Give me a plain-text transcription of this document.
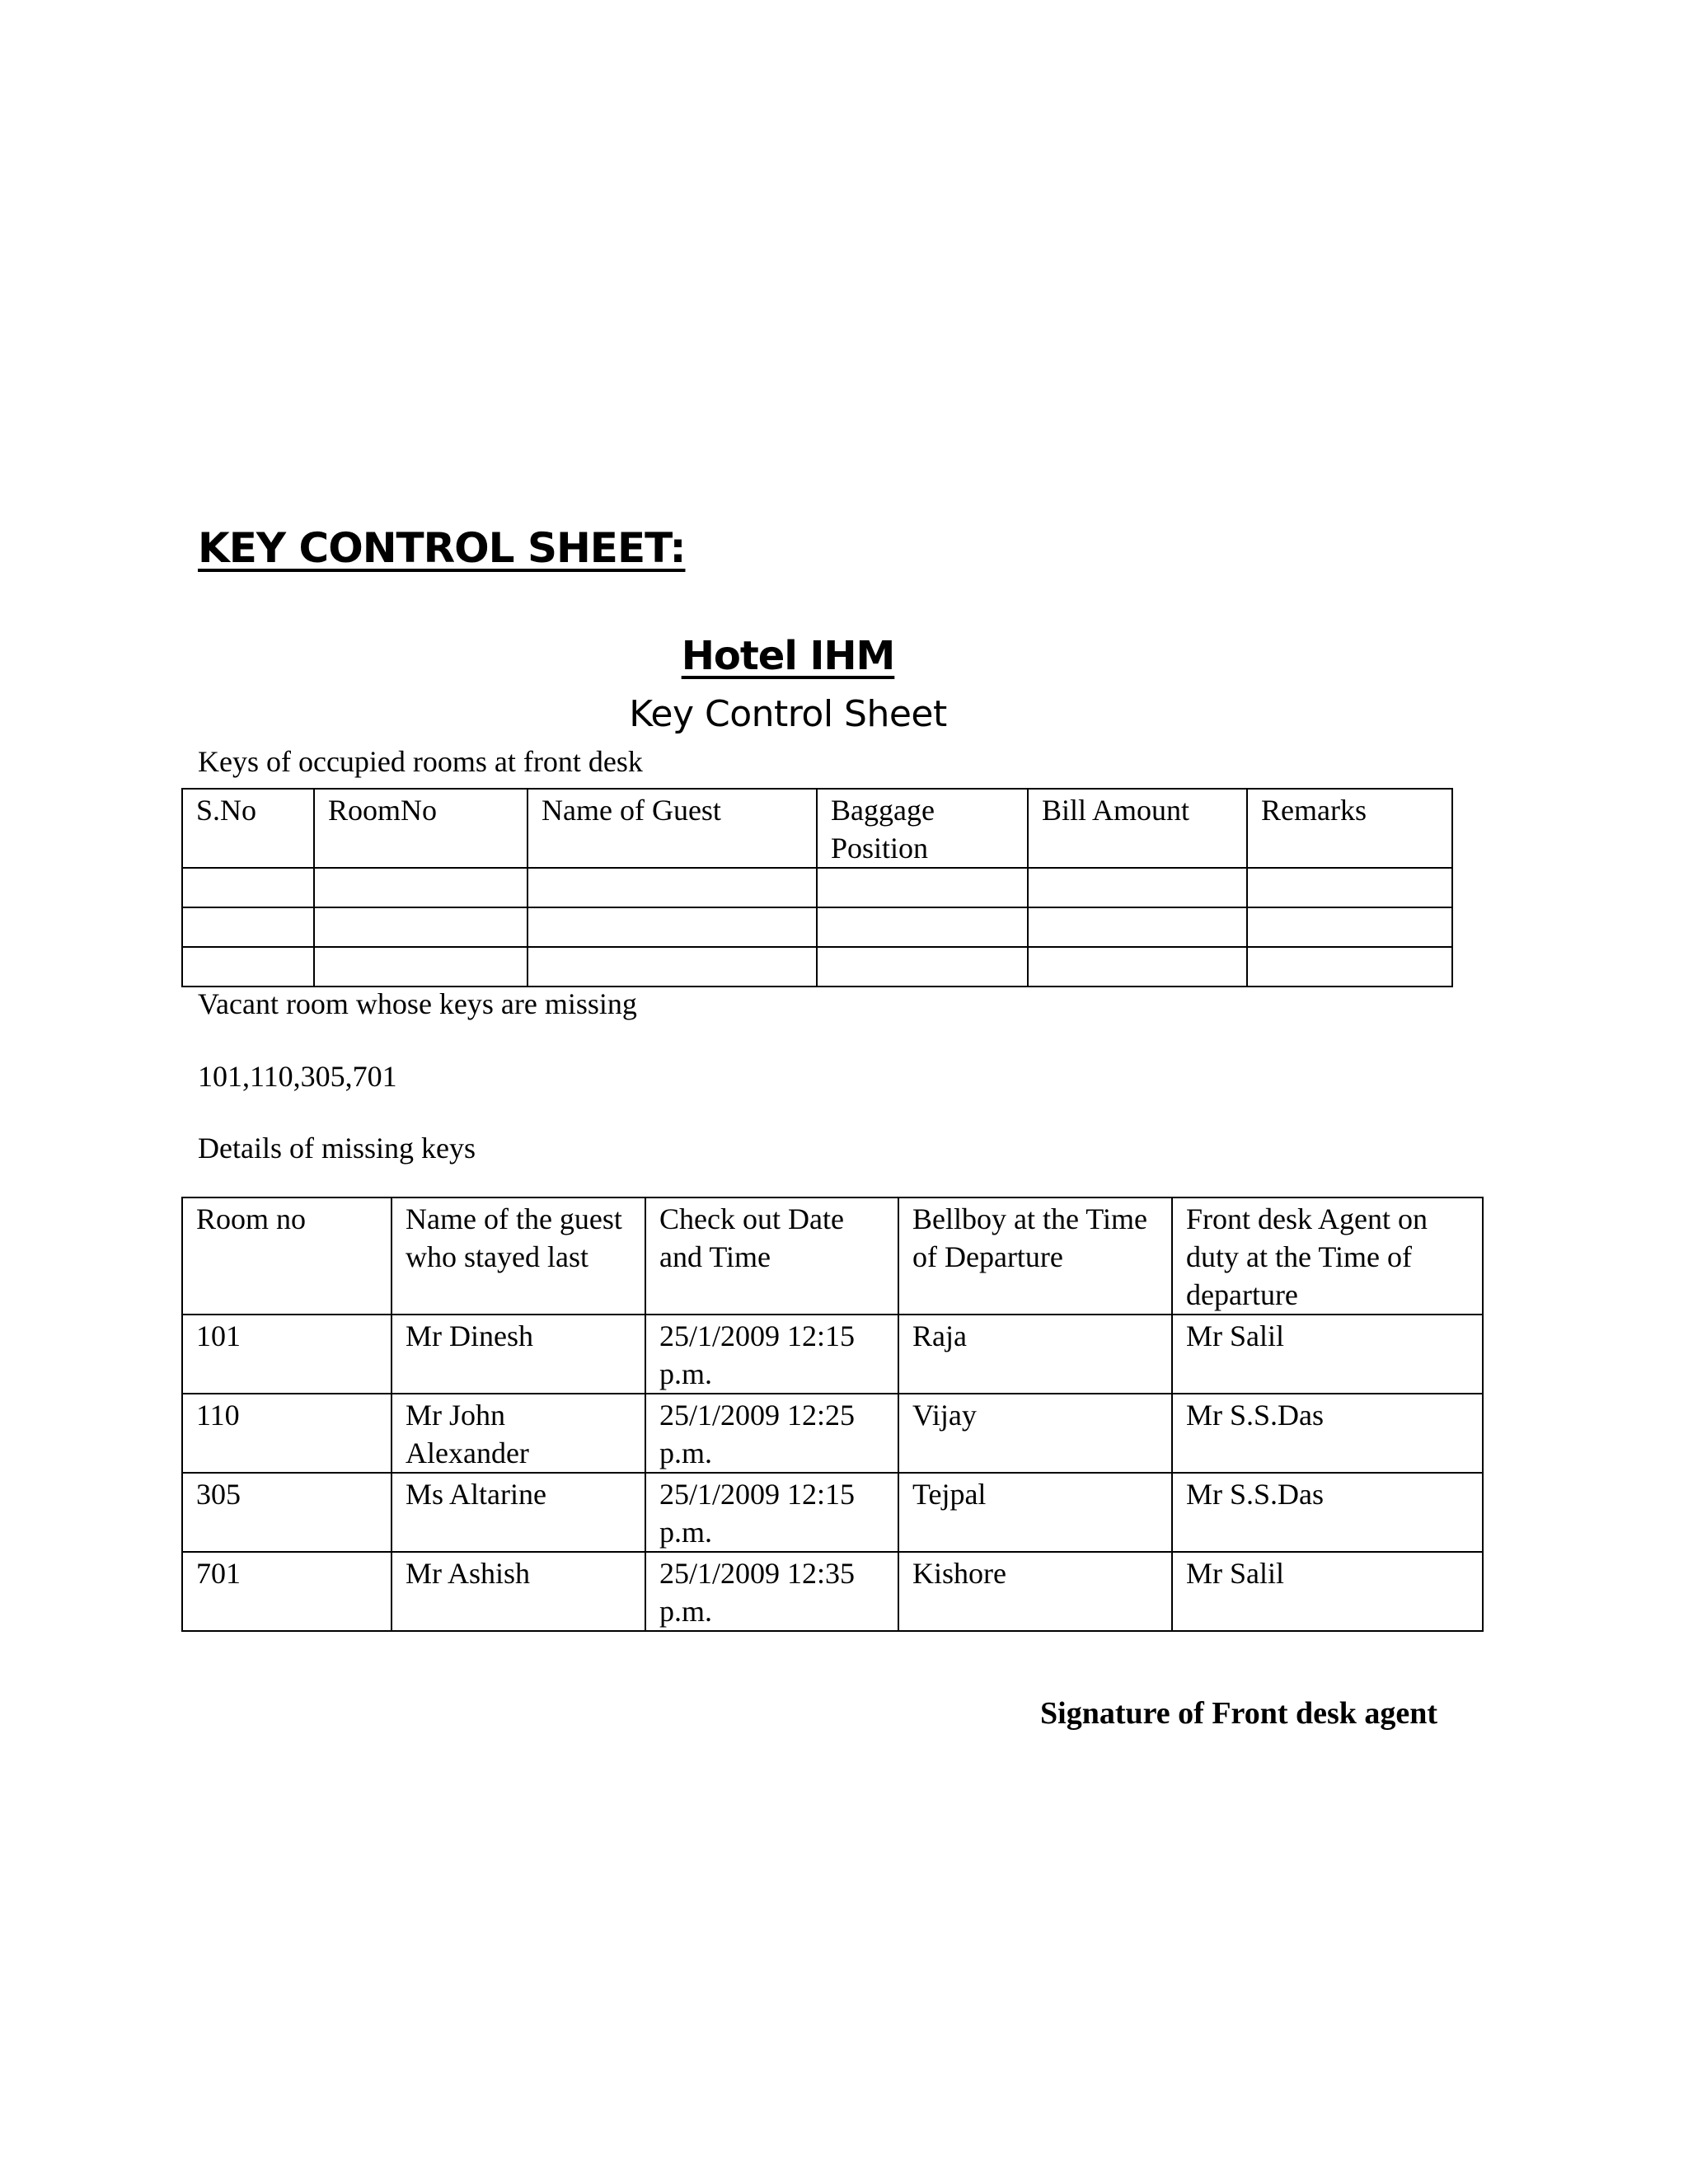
KEY CONTROL SHEET:
Hotel IHM
Key Control Sheet

Keys of occupied rooms at front desk

S.No	RoomNo	Name of Guest	Baggage Position	Bill Amount	Remarks

Vacant room whose keys are missing

101,110,305,701

Details of missing keys

Room no	Name of the guest who stayed last	Check out Date and Time	Bellboy at the Time of Departure	Front desk Agent on duty at the Time of departure
101	Mr Dinesh	25/1/2009 12:15 p.m.	Raja	Mr Salil
110	Mr John Alexander	25/1/2009 12:25 p.m.	Vijay	Mr S.S.Das
305	Ms Altarine	25/1/2009 12:15 p.m.	Tejpal	Mr S.S.Das
701	Mr Ashish	25/1/2009 12:35 p.m.	Kishore	Mr Salil

Signature of Front desk agent
